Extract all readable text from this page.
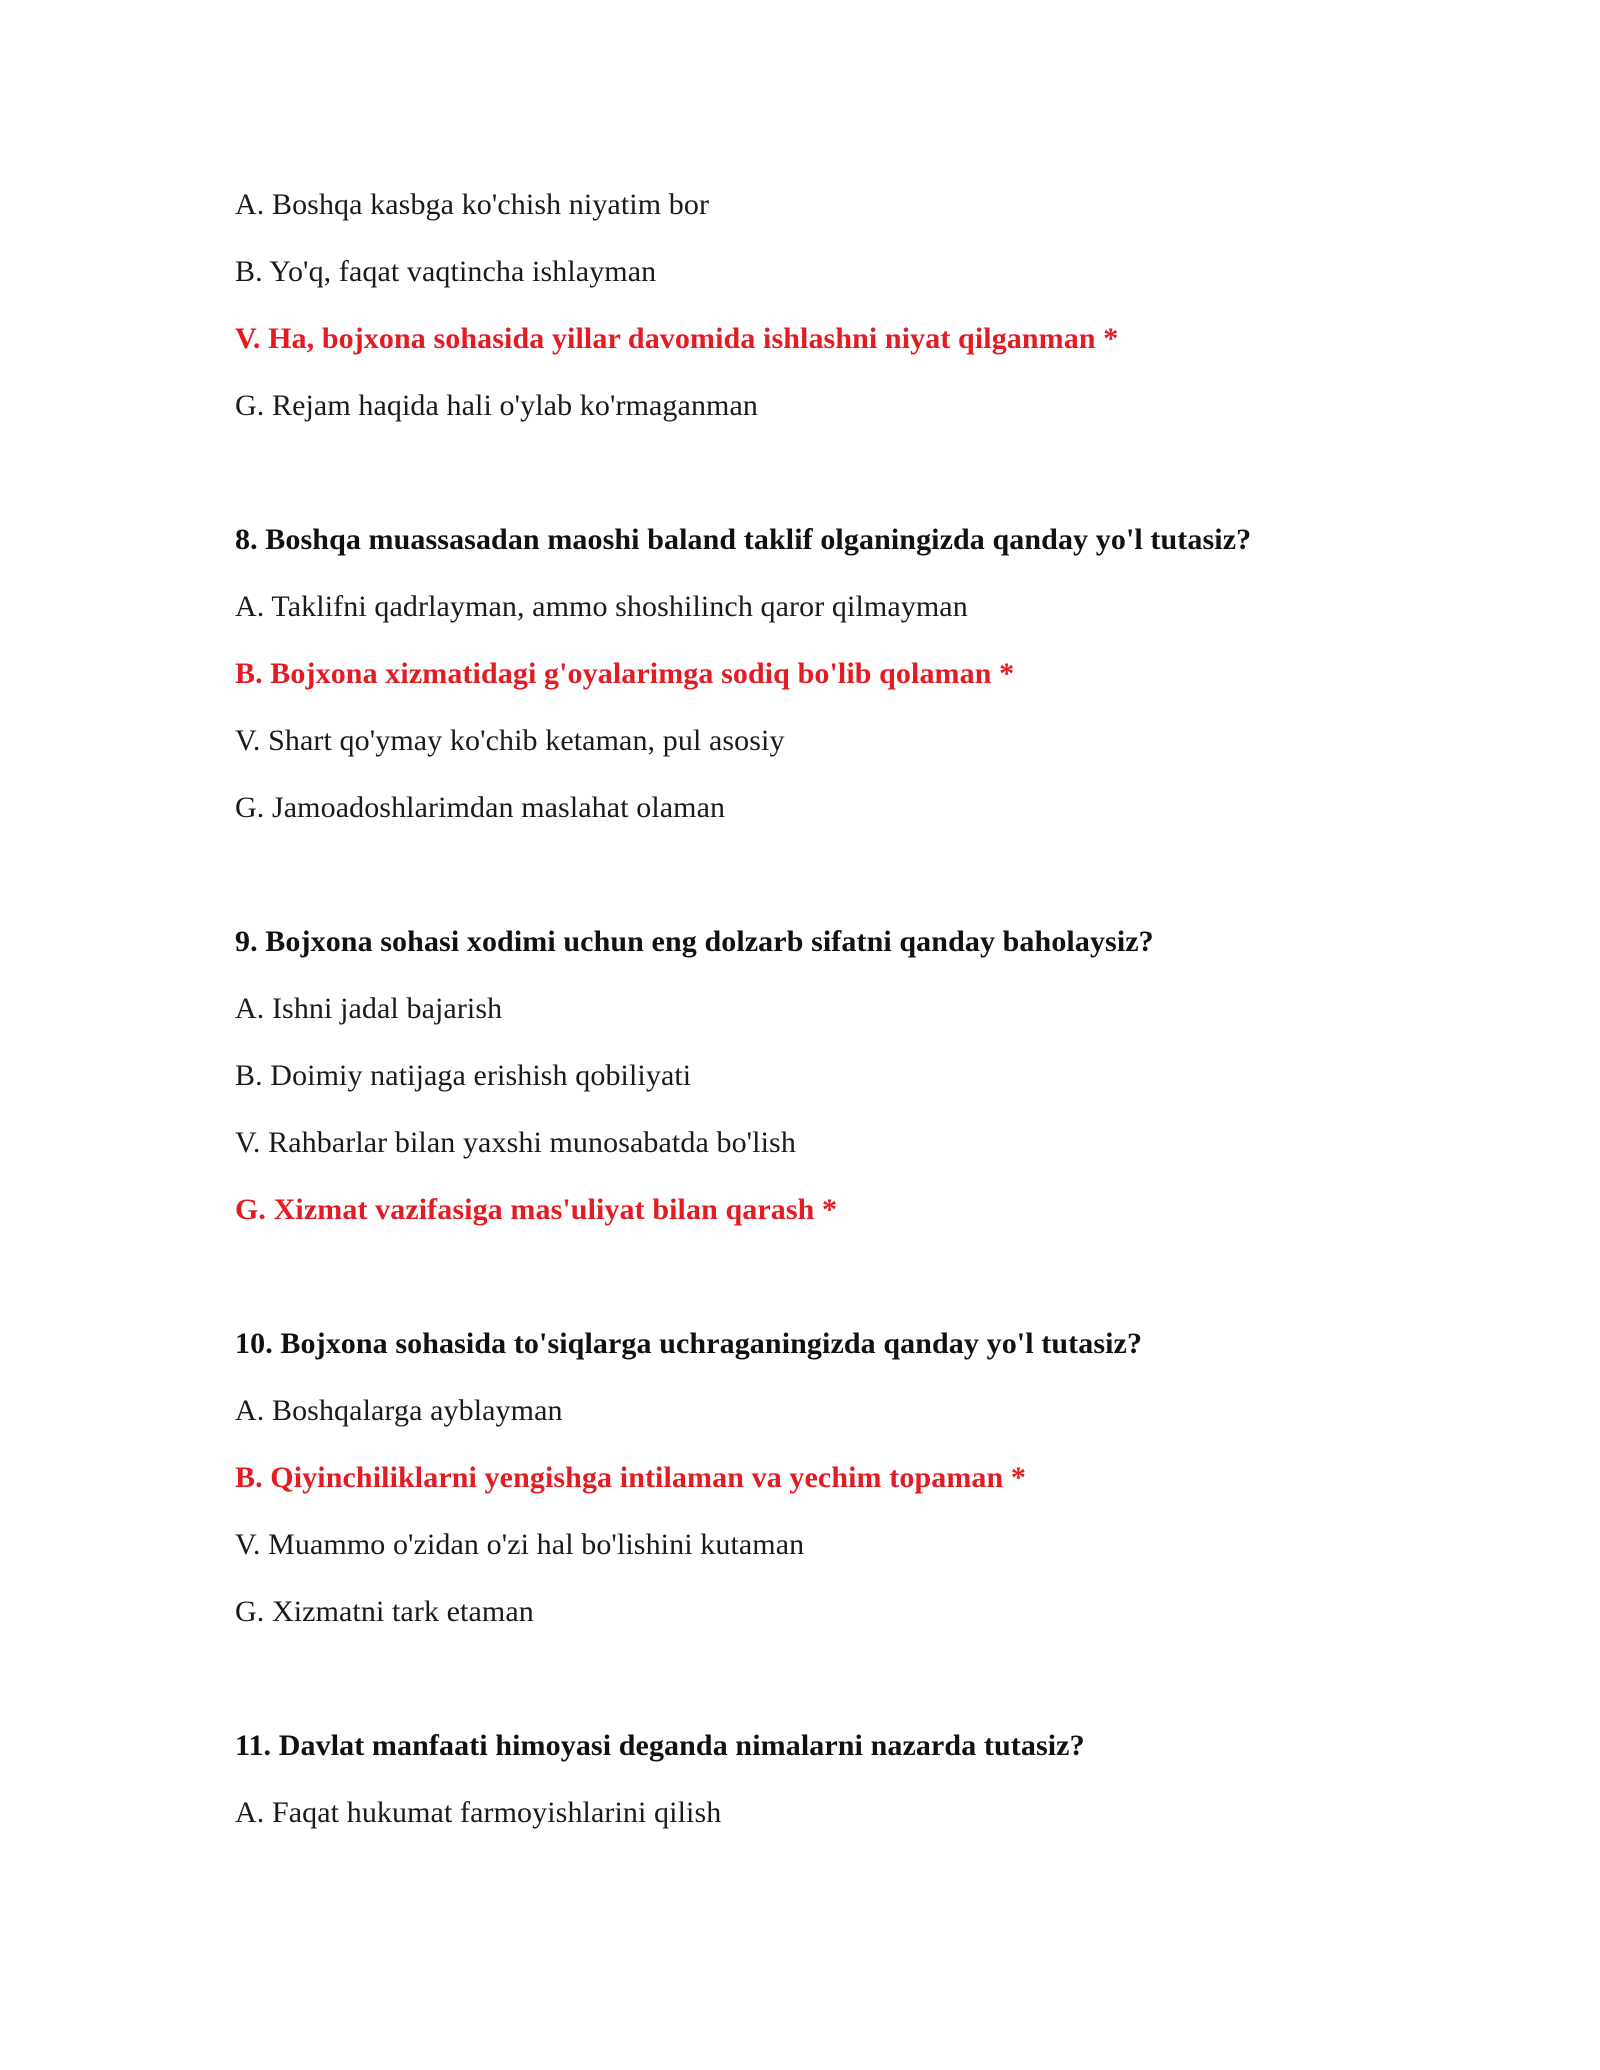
A. Boshqa kasbga ko'chish niyatim bor
B. Yo'q, faqat vaqtincha ishlayman
V. Ha, bojxona sohasida yillar davomida ishlashni niyat qilganman *
G. Rejam haqida hali o'ylab ko'rmaganman
8. Boshqa muassasadan maoshi baland taklif olganingizda qanday yo'l tutasiz?
A. Taklifni qadrlayman, ammo shoshilinch qaror qilmayman
B. Bojxona xizmatidagi g'oyalarimga sodiq bo'lib qolaman *
V. Shart qo'ymay ko'chib ketaman, pul asosiy
G. Jamoadoshlarimdan maslahat olaman
9. Bojxona sohasi xodimi uchun eng dolzarb sifatni qanday baholaysiz?
A. Ishni jadal bajarish
B. Doimiy natijaga erishish qobiliyati
V. Rahbarlar bilan yaxshi munosabatda bo'lish
G. Xizmat vazifasiga mas'uliyat bilan qarash *
10. Bojxona sohasida to'siqlarga uchraganingizda qanday yo'l tutasiz?
A. Boshqalarga ayblayman
B. Qiyinchiliklarni yengishga intilaman va yechim topaman *
V. Muammo o'zidan o'zi hal bo'lishini kutaman
G. Xizmatni tark etaman
11. Davlat manfaati himoyasi deganda nimalarni nazarda tutasiz?
A. Faqat hukumat farmoyishlarini qilish
